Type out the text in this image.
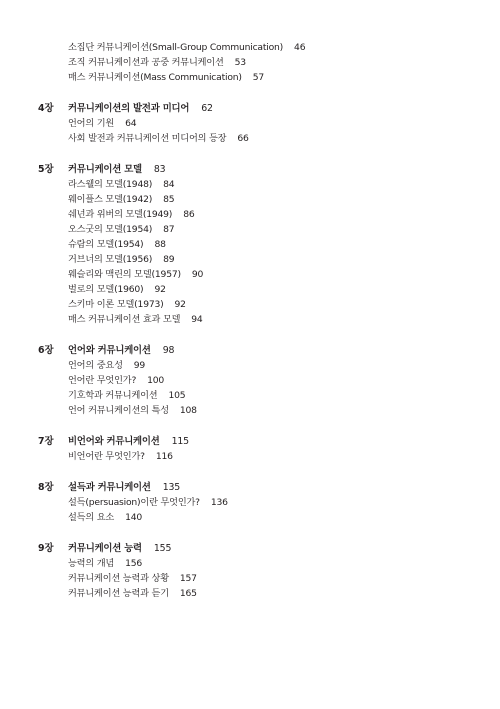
소집단 커뮤니케이션(Small-Group Communication) 46
조직 커뮤니케이션과 공중 커뮤니케이션 53
매스 커뮤니케이션(Mass Communication) 57
4장 커뮤니케이션의 발전과 미디어 62
언어의 기원 64
사회 발전과 커뮤니케이션 미디어의 등장 66
5장 커뮤니케이션 모델 83
라스웰의 모델(1948) 84
웨이플스 모델(1942) 85
쉐넌과 위버의 모델(1949) 86
오스굿의 모델(1954) 87
슈람의 모델(1954) 88
거브너의 모델(1956) 89
웨슬리와 맥린의 모델(1957) 90
벌로의 모델(1960) 92
스키마 이론 모델(1973) 92
매스 커뮤니케이션 효과 모델 94
6장 언어와 커뮤니케이션 98
언어의 중요성 99
언어란 무엇인가? 100
기호학과 커뮤니케이션 105
언어 커뮤니케이션의 특성 108
7장 비언어와 커뮤니케이션 115
비언어란 무엇인가? 116
8장 설득과 커뮤니케이션 135
설득(persuasion)이란 무엇인가? 136
설득의 요소 140
9장 커뮤니케이션 능력 155
능력의 개념 156
커뮤니케이션 능력과 상황 157
커뮤니케이션 능력과 듣기 165
